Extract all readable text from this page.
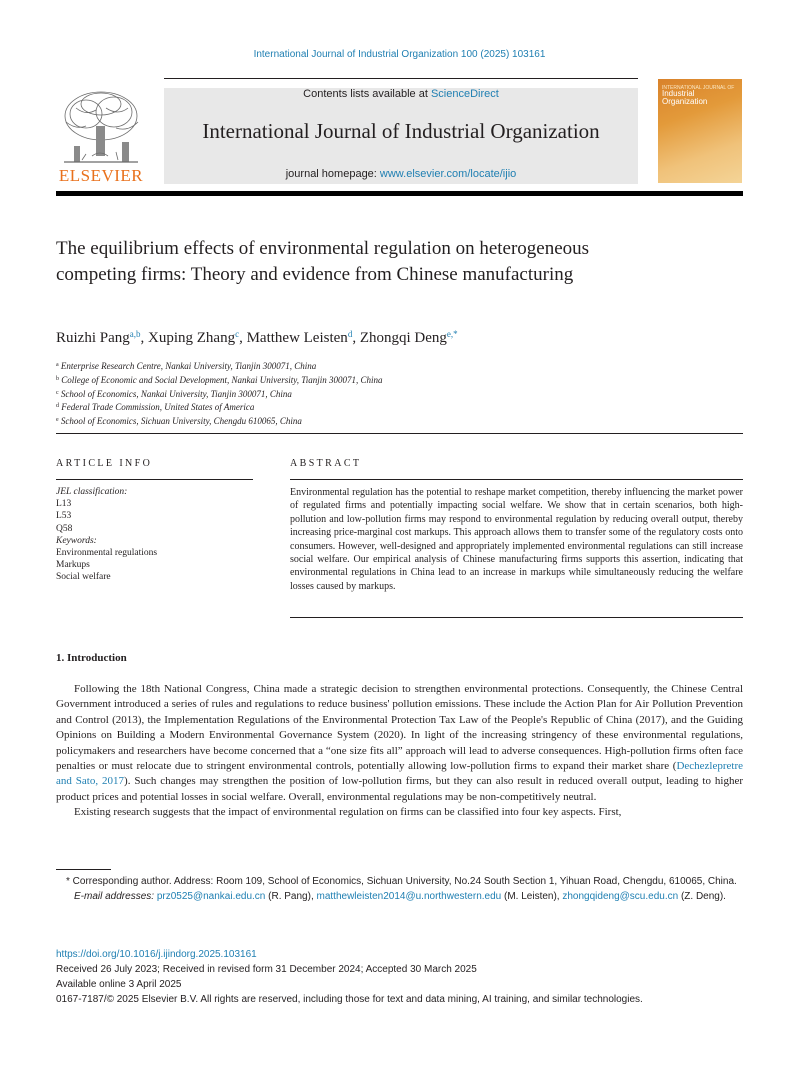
International Journal of Industrial Organization 100 (2025) 103161
ELSEVIER
Contents lists available at ScienceDirect
International Journal of Industrial Organization
journal homepage: www.elsevier.com/locate/ijio
INTERNATIONAL JOURNAL OF
Industrial Organization
The equilibrium effects of environmental regulation on heterogeneous competing firms: Theory and evidence from Chinese manufacturing
Ruizhi Pang$^{a,b}$, Xuping Zhang$^c$, Matthew Leisten$^d$, Zhongqi Deng$^{e,*}$
$^a$ Enterprise Research Centre, Nankai University, Tianjin 300071, China
$^b$ College of Economic and Social Development, Nankai University, Tianjin 300071, China
$^c$ School of Economics, Nankai University, Tianjin 300071, China
$^d$ Federal Trade Commission, United States of America
$^e$ School of Economics, Sichuan University, Chengdu 610065, China
ARTICLE INFO	ABSTRACT
JEL classification:
L13
L53
Q58
Keywords:
Environmental regulations
Markups
Social welfare
Environmental regulation has the potential to reshape market competition, thereby influencing the market power of regulated firms and potentially impacting social welfare. We show that in certain scenarios, both high-pollution and low-pollution firms may respond to environmental regulation by reducing overall output, thereby increasing price-marginal cost markups. This approach allows them to transfer some of the regulatory costs onto consumers. However, well-designed and appropriately implemented environmental regulations can still increase social welfare. Our empirical analysis of Chinese manufacturing firms supports this assertion, indicating that environmental regulations in China lead to an increase in markups while simultaneously reducing the welfare losses caused by markups.
1. Introduction

Following the 18th National Congress, China made a strategic decision to strengthen environmental protections. Consequently, the Chinese Central Government introduced a series of rules and regulations to reduce business' pollution emissions. These include the Action Plan for Air Pollution Prevention and Control (2013), the Implementation Regulations of the Environmental Protection Tax Law of the People's Republic of China (2017), and the Guiding Opinions on Building a Modern Environmental Governance System (2020). In light of the increasing stringency of these environmental regulations, policymakers and researchers have become concerned that a “one size fits all” approach will lead to adverse consequences. High-pollution firms often face penalties or must relocate due to stringent environmental controls, potentially allowing low-pollution firms to expand their market share (Dechezlepretre and Sato, 2017). Such changes may strengthen the position of low-pollution firms, but they can also result in reduced overall output, leading to higher product prices and potential losses in social welfare. Overall, environmental regulations may be non-competitively neutral.

Existing research suggests that the impact of environmental regulation on firms can be classified into four key aspects. First,

* Corresponding author. Address: Room 109, School of Economics, Sichuan University, No.24 South Section 1, Yihuan Road, Chengdu, 610065, China.

E-mail addresses: prz0525@nankai.edu.cn (R. Pang), matthewleisten2014@u.northwestern.edu (M. Leisten), zhongqideng@scu.edu.cn (Z. Deng).

https://doi.org/10.1016/j.ijindorg.2025.103161
Received 26 July 2023; Received in revised form 31 December 2024; Accepted 30 March 2025
Available online 3 April 2025
0167-7187/© 2025 Elsevier B.V. All rights are reserved, including those for text and data mining, AI training, and similar technologies.
